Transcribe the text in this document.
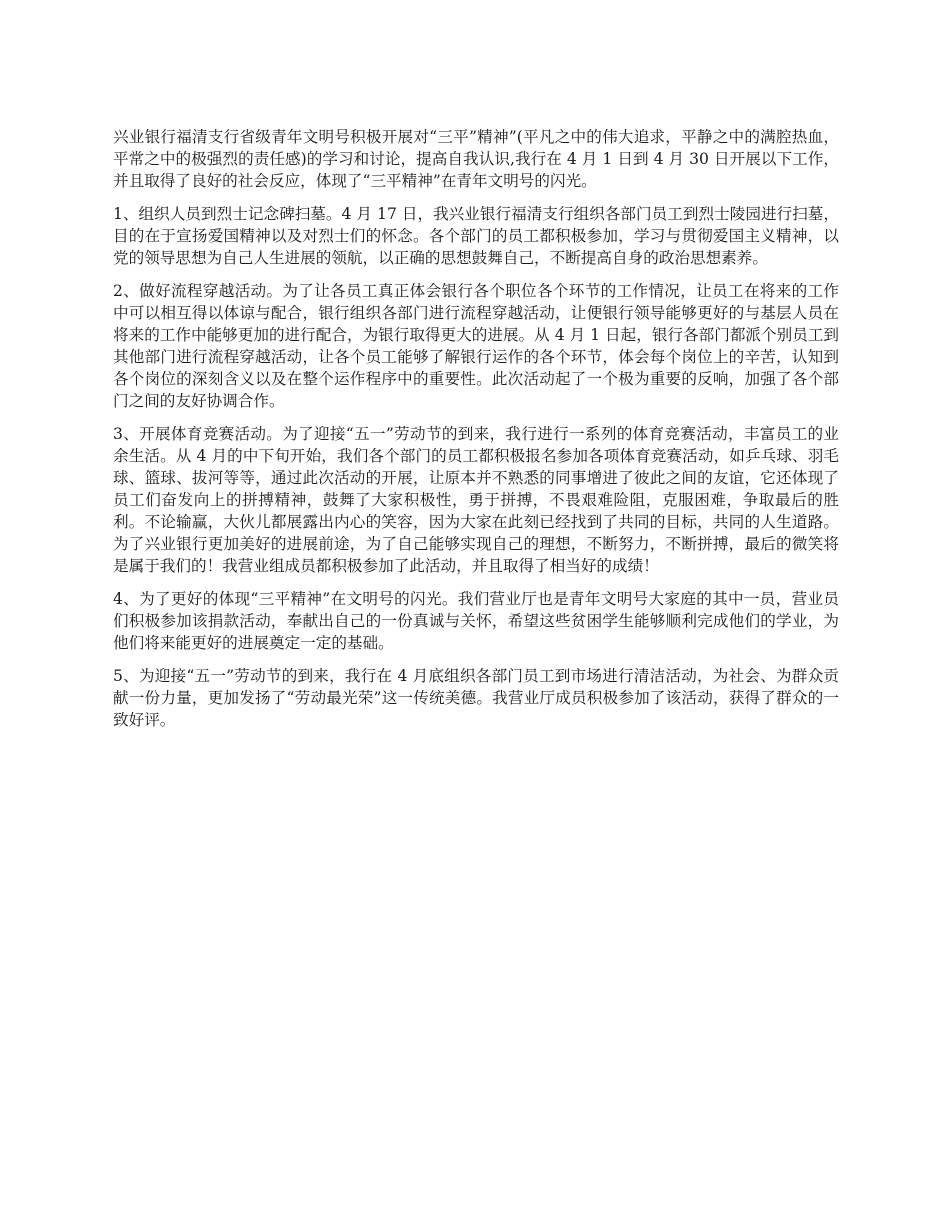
兴业银行福清支行省级青年文明号积极开展对“三平”精神”(平凡之中的伟大追求，平静之中的满腔热血，平常之中的极强烈的责任感)的学习和讨论，提高自我认识,我行在 4 月 1 日到 4 月 30 日开展以下工作，并且取得了良好的社会反应，体现了“三平精神”在青年文明号的闪光。

1、组织人员到烈士记念碑扫墓。4 月 17 日，我兴业银行福清支行组织各部门员工到烈士陵园进行扫墓，目的在于宣扬爱国精神以及对烈士们的怀念。各个部门的员工都积极参加，学习与贯彻爱国主义精神，以党的领导思想为自己人生进展的领航，以正确的思想鼓舞自己，不断提高自身的政治思想素养。

2、做好流程穿越活动。为了让各员工真正体会银行各个职位各个环节的工作情况，让员工在将来的工作中可以相互得以体谅与配合，银行组织各部门进行流程穿越活动，让便银行领导能够更好的与基层人员在将来的工作中能够更加的进行配合，为银行取得更大的进展。从 4 月 1 日起，银行各部门都派个别员工到其他部门进行流程穿越活动，让各个员工能够了解银行运作的各个环节，体会每个岗位上的辛苦，认知到各个岗位的深刻含义以及在整个运作程序中的重要性。此次活动起了一个极为重要的反响，加强了各个部门之间的友好协调合作。

3、开展体育竞赛活动。为了迎接“五一”劳动节的到来，我行进行一系列的体育竞赛活动，丰富员工的业余生活。从 4 月的中下旬开始，我们各个部门的员工都积极报名参加各项体育竞赛活动，如乒乓球、羽毛球、篮球、拔河等等，通过此次活动的开展，让原本并不熟悉的同事增进了彼此之间的友谊，它还体现了员工们奋发向上的拼搏精神，鼓舞了大家积极性，勇于拼搏，不畏艰难险阻，克服困难，争取最后的胜利。不论输赢，大伙儿都展露出内心的笑容，因为大家在此刻已经找到了共同的目标，共同的人生道路。为了兴业银行更加美好的进展前途，为了自己能够实现自己的理想，不断努力，不断拼搏，最后的微笑将是属于我们的！我营业组成员都积极参加了此活动，并且取得了相当好的成绩！

4、为了更好的体现“三平精神”在文明号的闪光。我们营业厅也是青年文明号大家庭的其中一员，营业员们积极参加该捐款活动，奉献出自己的一份真诚与关怀，希望这些贫困学生能够顺利完成他们的学业，为他们将来能更好的进展奠定一定的基础。

5、为迎接“五一”劳动节的到来，我行在 4 月底组织各部门员工到市场进行清洁活动，为社会、为群众贡献一份力量，更加发扬了“劳动最光荣”这一传统美德。我营业厅成员积极参加了该活动，获得了群众的一致好评。
